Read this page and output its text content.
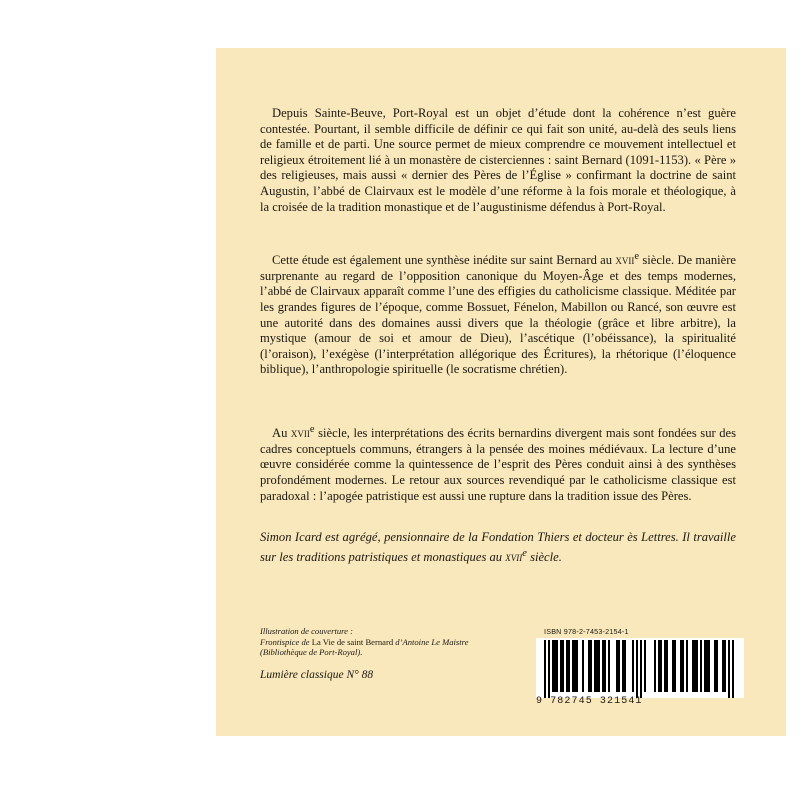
Depuis Sainte-Beuve, Port-Royal est un objet d’étude dont la cohérence n’est guère contestée. Pourtant, il semble difficile de définir ce qui fait son unité, au-delà des seuls liens de famille et de parti. Une source permet de mieux comprendre ce mouvement intellectuel et religieux étroitement lié à un monastère de cisterciennes : saint Bernard (1091-1153). « Père » des religieuses, mais aussi « dernier des Pères de l’Église » confirmant la doctrine de saint Augustin, l’abbé de Clairvaux est le modèle d’une réforme à la fois morale et théologique, à la croisée de la tradition monastique et de l’augustinisme défendus à Port-Royal.

Cette étude est également une synthèse inédite sur saint Bernard au xvii$^e$ siècle. De manière surprenante au regard de l’opposition canonique du Moyen-Âge et des temps modernes, l’abbé de Clairvaux apparaît comme l’une des effigies du catholicisme classique. Méditée par les grandes figures de l’époque, comme Bossuet, Fénelon, Mabillon ou Rancé, son œuvre est une autorité dans des domaines aussi divers que la théologie (grâce et libre arbitre), la mystique (amour de soi et amour de Dieu), l’ascétique (l’obéissance), la spiritualité (l’oraison), l’exégèse (l’interprétation allégorique des Écritures), la rhétorique (l’éloquence biblique), l’anthropologie spirituelle (le socratisme chrétien).

Au xvii$^e$ siècle, les interprétations des écrits bernardins divergent mais sont fondées sur des cadres conceptuels communs, étrangers à la pensée des moines médiévaux. La lecture d’une œuvre considérée comme la quintessence de l’esprit des Pères conduit ainsi à des synthèses profondément modernes. Le retour aux sources revendiqué par le catholicisme classique est paradoxal : l’apogée patristique est aussi une rupture dans la tradition issue des Pères.

Simon Icard est agrégé, pensionnaire de la Fondation Thiers et docteur ès Lettres. Il travaille sur les traditions patristiques et monastiques au xvii$^e$ siècle.

Illustration de couverture :
Frontispice de La Vie de saint Bernard d’Antoine Le Maistre
(Bibliothèque de Port-Royal).

Lumière classique N° 88

ISBN 978-2-7453-2154-1
9 782745 321541
